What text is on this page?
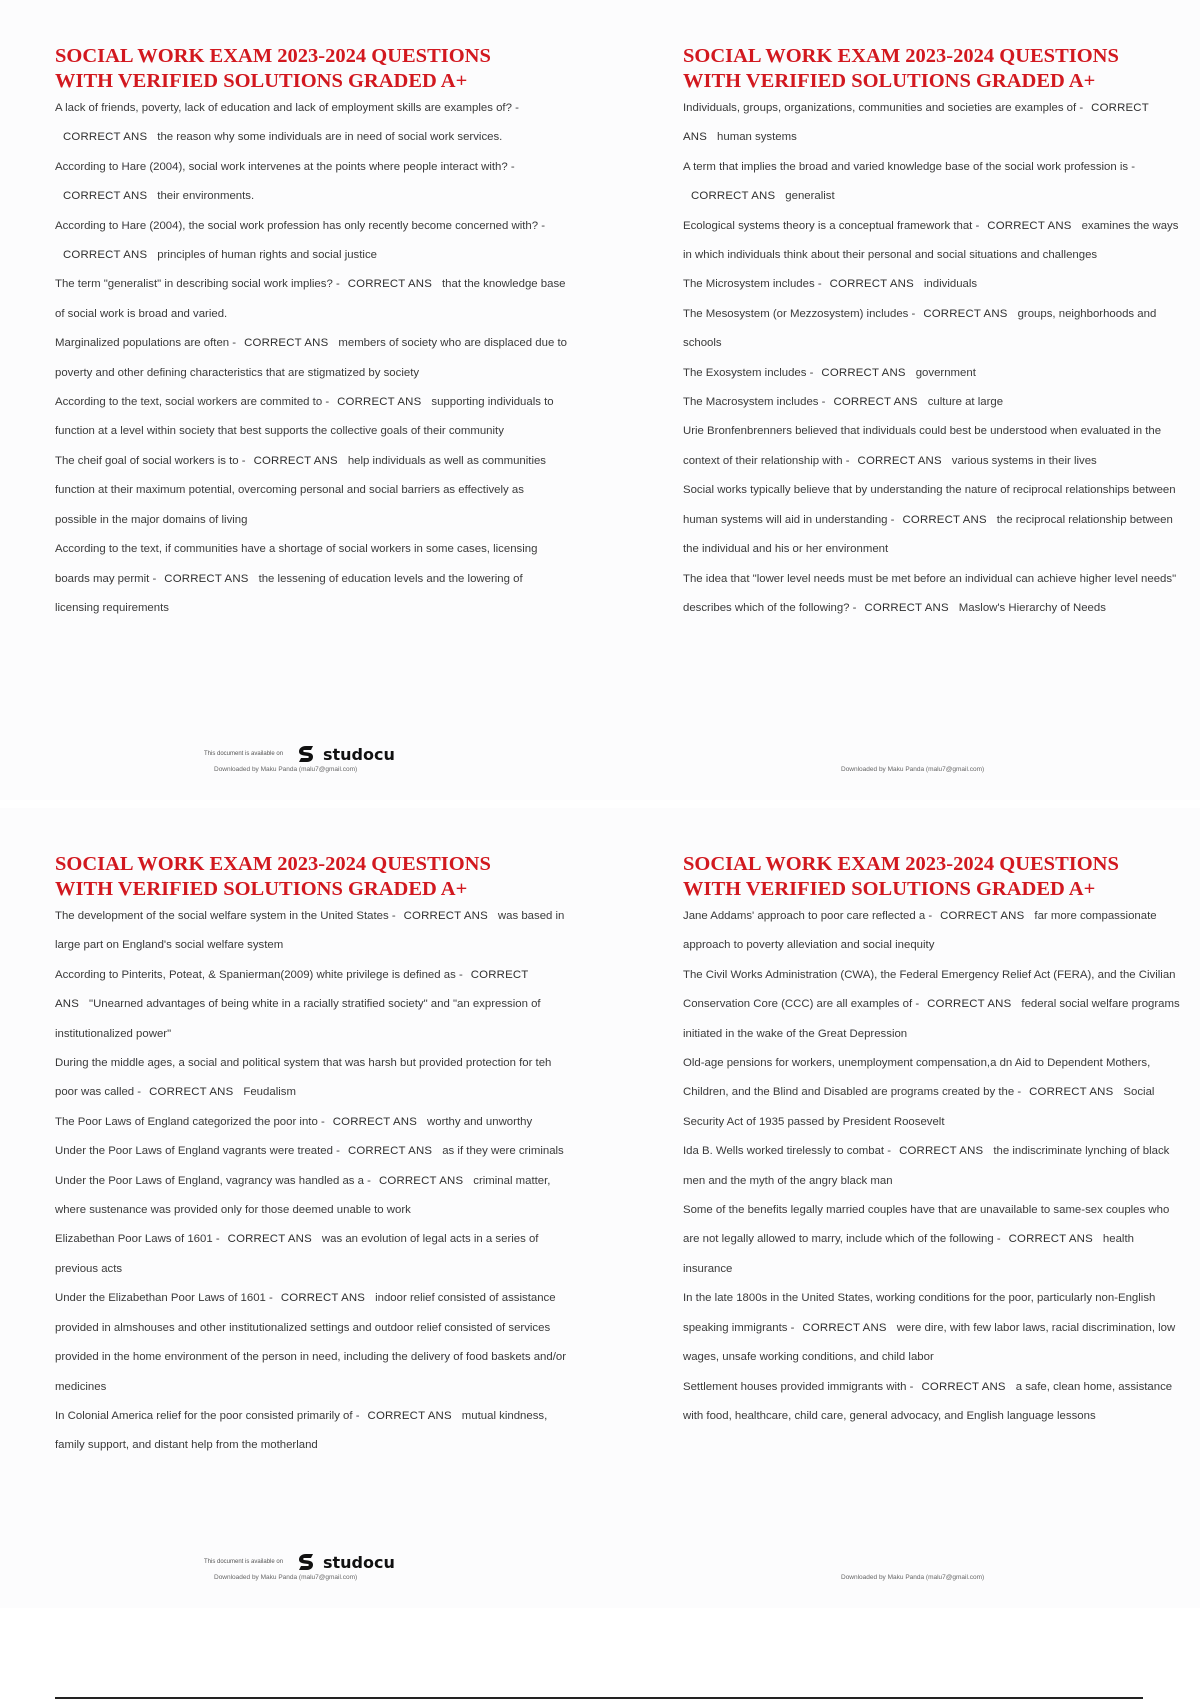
SOCIAL WORK EXAM 2023-2024 QUESTIONS
WITH VERIFIED SOLUTIONS GRADED A+

A lack of friends, poverty, lack of education and lack of employment skills are examples of? -CORRECT ANS the reason why some individuals are in need of social work services.

According to Hare (2004), social work intervenes at the points where people interact with? -CORRECT ANS their environments.

According to Hare (2004), the social work profession has only recently become concerned with? -CORRECT ANS principles of human rights and social justice

The term "generalist" in describing social work implies? - CORRECT ANS that the knowledge base of social work is broad and varied.

Marginalized populations are often - CORRECT ANS members of society who are displaced due to poverty and other defining characteristics that are stigmatized by society

According to the text, social workers are commited to - CORRECT ANS supporting individuals to function at a level within society that best supports the collective goals of their community

The cheif goal of social workers is to - CORRECT ANS help individuals as well as communities function at their maximum potential, overcoming personal and social barriers as effectively as possible in the major domains of living

According to the text, if communities have a shortage of social workers in some cases, licensing boards may permit - CORRECT ANS the lessening of education levels and the lowering of licensing requirements

This document is available on studocu
Downloaded by Maku Panda (malu7@gmail.com)
SOCIAL WORK EXAM 2023-2024 QUESTIONS
WITH VERIFIED SOLUTIONS GRADED A+

Individuals, groups, organizations, communities and societies are examples of - CORRECT ANS human systems

A term that implies the broad and varied knowledge base of the social work profession is -CORRECT ANS generalist

Ecological systems theory is a conceptual framework that - CORRECT ANS examines the ways in which individuals think about their personal and social situations and challenges

The Microsystem includes - CORRECT ANS individuals

The Mesosystem (or Mezzosystem) includes - CORRECT ANS groups, neighborhoods and schools

The Exosystem includes - CORRECT ANS government

The Macrosystem includes - CORRECT ANS culture at large

Urie Bronfenbrenners believed that individuals could best be understood when evaluated in the context of their relationship with - CORRECT ANS various systems in their lives

Social works typically believe that by understanding the nature of reciprocal relationships between human systems will aid in understanding - CORRECT ANS the reciprocal relationship between the individual and his or her environment

The idea that "lower level needs must be met before an individual can achieve higher level needs" describes which of the following? - CORRECT ANS Maslow's Hierarchy of Needs

Downloaded by Maku Panda (malu7@gmail.com)
SOCIAL WORK EXAM 2023-2024 QUESTIONS
WITH VERIFIED SOLUTIONS GRADED A+

The development of the social welfare system in the United States - CORRECT ANS was based in large part on England's social welfare system

According to Pinterits, Poteat, & Spanierman(2009) white privilege is defined as - CORRECT ANS "Unearned advantages of being white in a racially stratified society" and "an expression of institutionalized power"

During the middle ages, a social and political system that was harsh but provided protection for teh poor was called - CORRECT ANS Feudalism

The Poor Laws of England categorized the poor into - CORRECT ANS worthy and unworthy

Under the Poor Laws of England vagrants were treated - CORRECT ANS as if they were criminals

Under the Poor Laws of England, vagrancy was handled as a - CORRECT ANS criminal matter, where sustenance was provided only for those deemed unable to work

Elizabethan Poor Laws of 1601 - CORRECT ANS was an evolution of legal acts in a series of previous acts

Under the Elizabethan Poor Laws of 1601 - CORRECT ANS indoor relief consisted of assistance provided in almshouses and other institutionalized settings and outdoor relief consisted of services provided in the home environment of the person in need, including the delivery of food baskets and/or medicines

In Colonial America relief for the poor consisted primarily of - CORRECT ANS mutual kindness, family support, and distant help from the motherland

This document is available on studocu
Downloaded by Maku Panda (malu7@gmail.com)
SOCIAL WORK EXAM 2023-2024 QUESTIONS
WITH VERIFIED SOLUTIONS GRADED A+

Jane Addams' approach to poor care reflected a - CORRECT ANS far more compassionate approach to poverty alleviation and social inequity

The Civil Works Administration (CWA), the Federal Emergency Relief Act (FERA), and the Civilian Conservation Core (CCC) are all examples of - CORRECT ANS federal social welfare programs initiated in the wake of the Great Depression

Old-age pensions for workers, unemployment compensation,a dn Aid to Dependent Mothers, Children, and the Blind and Disabled are programs created by the - CORRECT ANS Social Security Act of 1935 passed by President Roosevelt

Ida B. Wells worked tirelessly to combat - CORRECT ANS the indiscriminate lynching of black men and the myth of the angry black man

Some of the benefits legally married couples have that are unavailable to same-sex couples who are not legally allowed to marry, include which of the following - CORRECT ANS health insurance

In the late 1800s in the United States, working conditions for the poor, particularly non-English speaking immigrants - CORRECT ANS were dire, with few labor laws, racial discrimination, low wages, unsafe working conditions, and child labor

Settlement houses provided immigrants with - CORRECT ANS a safe, clean home, assistance with food, healthcare, child care, general advocacy, and English language lessons

Downloaded by Maku Panda (malu7@gmail.com)
